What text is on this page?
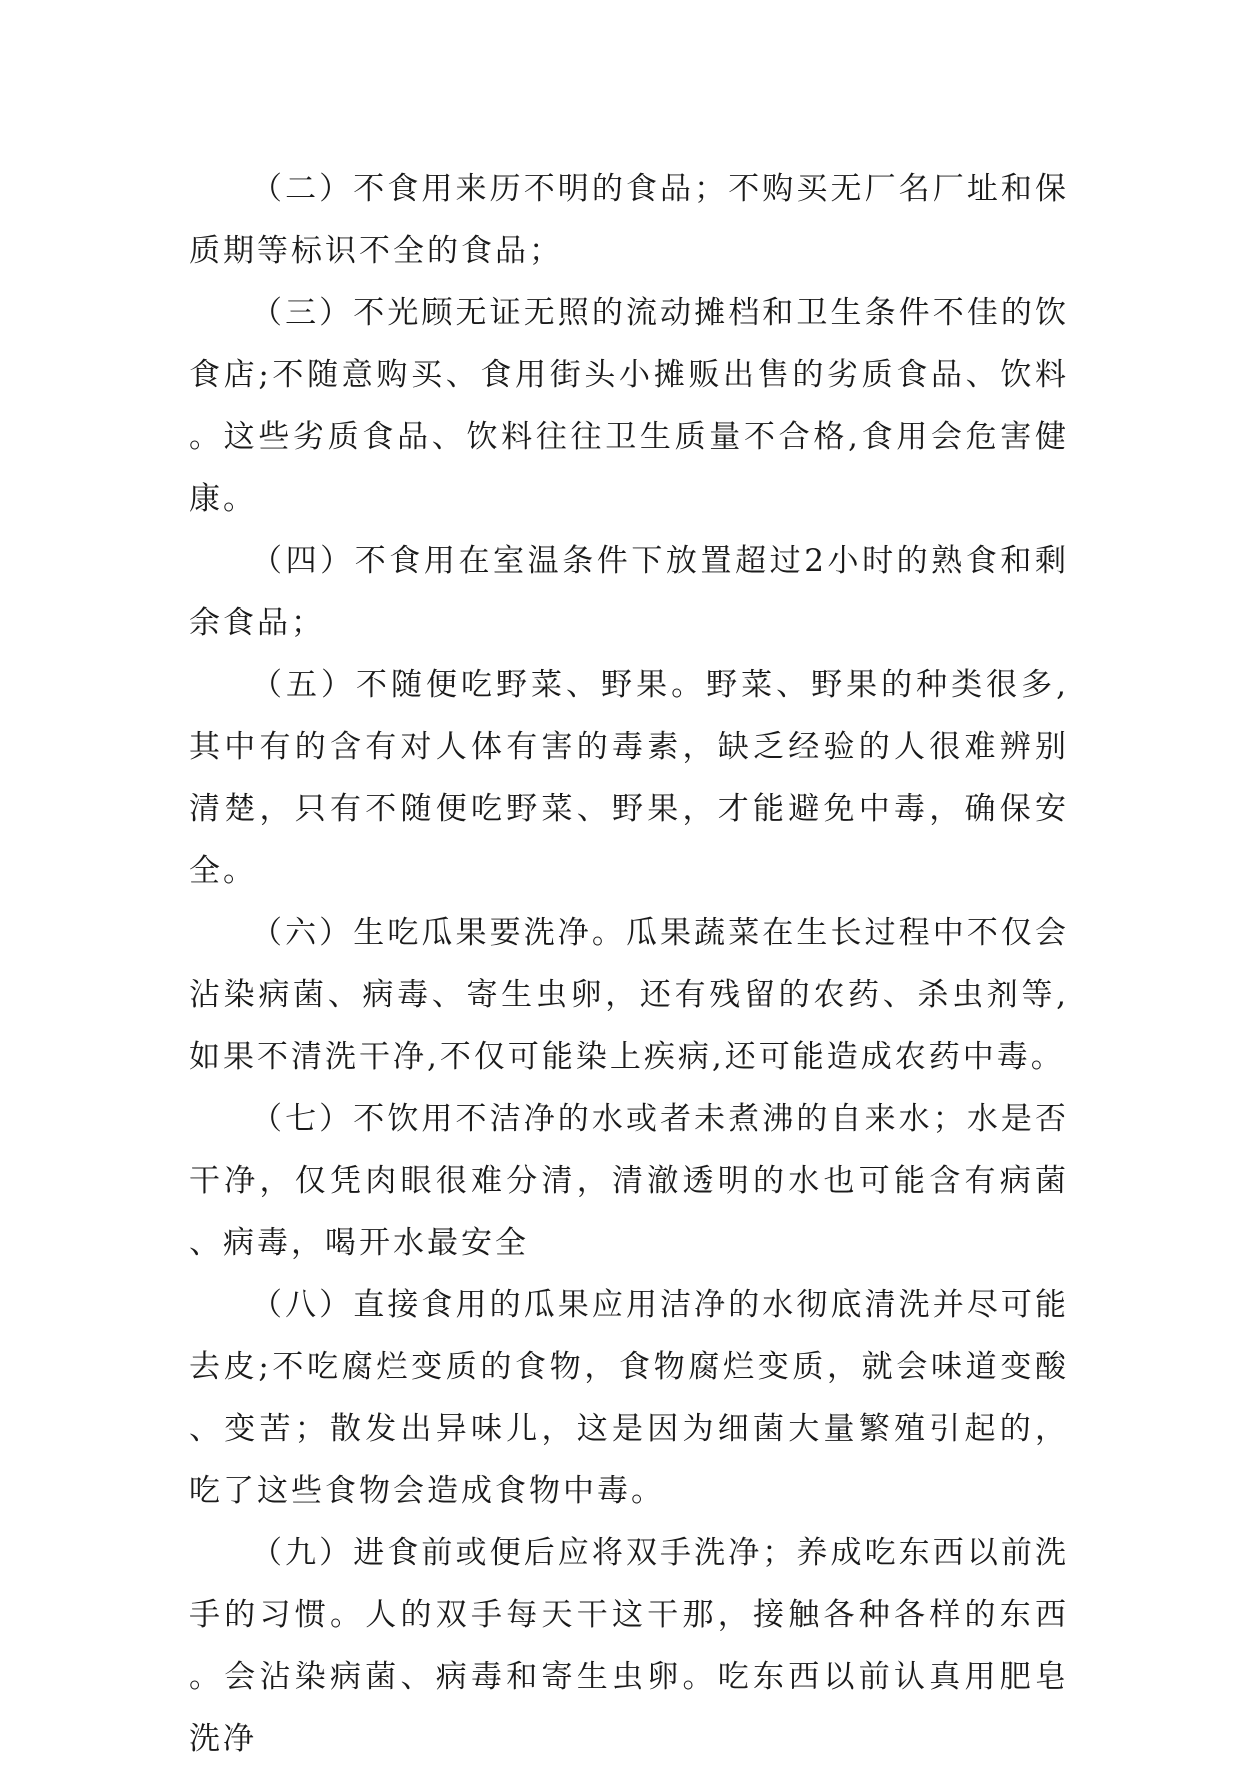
（二）不食用来历不明的食品；不购买无厂名厂址和保质期等标识不全的食品；

（三）不光顾无证无照的流动摊档和卫生条件不佳的饮食店;不随意购买、食用街头小摊贩出售的劣质食品、饮料。这些劣质食品、饮料往往卫生质量不合格,食用会危害健康。

（四）不食用在室温条件下放置超过2小时的熟食和剩余食品；

（五）不随便吃野菜、野果。野菜、野果的种类很多,其中有的含有对人体有害的毒素，缺乏经验的人很难辨别清楚，只有不随便吃野菜、野果，才能避免中毒，确保安全。

（六）生吃瓜果要洗净。瓜果蔬菜在生长过程中不仅会沾染病菌、病毒、寄生虫卵，还有残留的农药、杀虫剂等,如果不清洗干净,不仅可能染上疾病,还可能造成农药中毒。

（七）不饮用不洁净的水或者未煮沸的自来水；水是否干净，仅凭肉眼很难分清，清澈透明的水也可能含有病菌、病毒，喝开水最安全

（八）直接食用的瓜果应用洁净的水彻底清洗并尽可能去皮;不吃腐烂变质的食物，食物腐烂变质，就会味道变酸、变苦；散发出异味儿，这是因为细菌大量繁殖引起的，吃了这些食物会造成食物中毒。

（九）进食前或便后应将双手洗净；养成吃东西以前洗手的习惯。人的双手每天干这干那，接触各种各样的东西。会沾染病菌、病毒和寄生虫卵。吃东西以前认真用肥皂洗净
